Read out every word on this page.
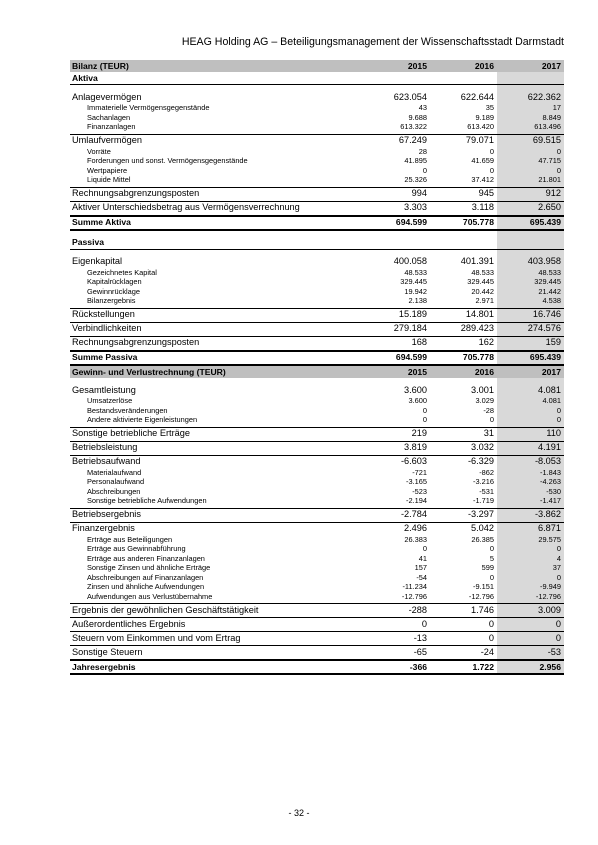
HEAG Holding AG – Beteiligungsmanagement der Wissenschaftsstadt Darmstadt
Bilanz (TEUR)	2015	2016	2017
Aktiva			

Anlagevermögen	623.054	622.644	622.362
Immaterielle Vermögensgegenstände	43	35	17
Sachanlagen	9.688	9.189	8.849
Finanzanlagen	613.322	613.420	613.496
Umlaufvermögen	67.249	79.071	69.515
Vorräte	28	0	0
Forderungen und sonst. Vermögensgegenstände	41.895	41.659	47.715
Wertpapiere	0	0	0
Liquide Mittel	25.326	37.412	21.801
Rechnungsabgrenzungsposten	994	945	912
Aktiver Unterschiedsbetrag aus Vermögensverrechnung	3.303	3.118	2.650
Summe Aktiva	694.599	705.778	695.439

Passiva			

Eigenkapital	400.058	401.391	403.958
Gezeichnetes Kapital	48.533	48.533	48.533
Kapitalrücklagen	329.445	329.445	329.445
Gewinnrücklage	19.942	20.442	21.442
Bilanzergebnis	2.138	2.971	4.538
Rückstellungen	15.189	14.801	16.746
Verbindlichkeiten	279.184	289.423	274.576
Rechnungsabgrenzungsposten	168	162	159
Summe Passiva	694.599	705.778	695.439
Gewinn- und Verlustrechnung (TEUR)	2015	2016	2017

Gesamtleistung	3.600	3.001	4.081
Umsatzerlöse	3.600	3.029	4.081
Bestandsveränderungen	0	-28	0
Andere aktivierte Eigenleistungen	0	0	0
Sonstige betriebliche Erträge	219	31	110
Betriebsleistung	3.819	3.032	4.191
Betriebsaufwand	-6.603	-6.329	-8.053
Materialaufwand	-721	-862	-1.843
Personalaufwand	-3.165	-3.216	-4.263
Abschreibungen	-523	-531	-530
Sonstige betriebliche Aufwendungen	-2.194	-1.719	-1.417
Betriebsergebnis	-2.784	-3.297	-3.862
Finanzergebnis	2.496	5.042	6.871
Erträge aus Beteiligungen	26.383	26.385	29.575
Erträge aus Gewinnabführung	0	0	0
Erträge aus anderen Finanzanlagen	41	5	4
Sonstige Zinsen und ähnliche Erträge	157	599	37
Abschreibungen auf Finanzanlagen	-54	0	0
Zinsen und ähnliche Aufwendungen	-11.234	-9.151	-9.949
Aufwendungen aus Verlustübernahme	-12.796	-12.796	-12.796
Ergebnis der gewöhnlichen Geschäftstätigkeit	-288	1.746	3.009
Außerordentliches Ergebnis	0	0	0
Steuern vom Einkommen und vom Ertrag	-13	0	0
Sonstige Steuern	-65	-24	-53
Jahresergebnis	-366	1.722	2.956
- 32 -
